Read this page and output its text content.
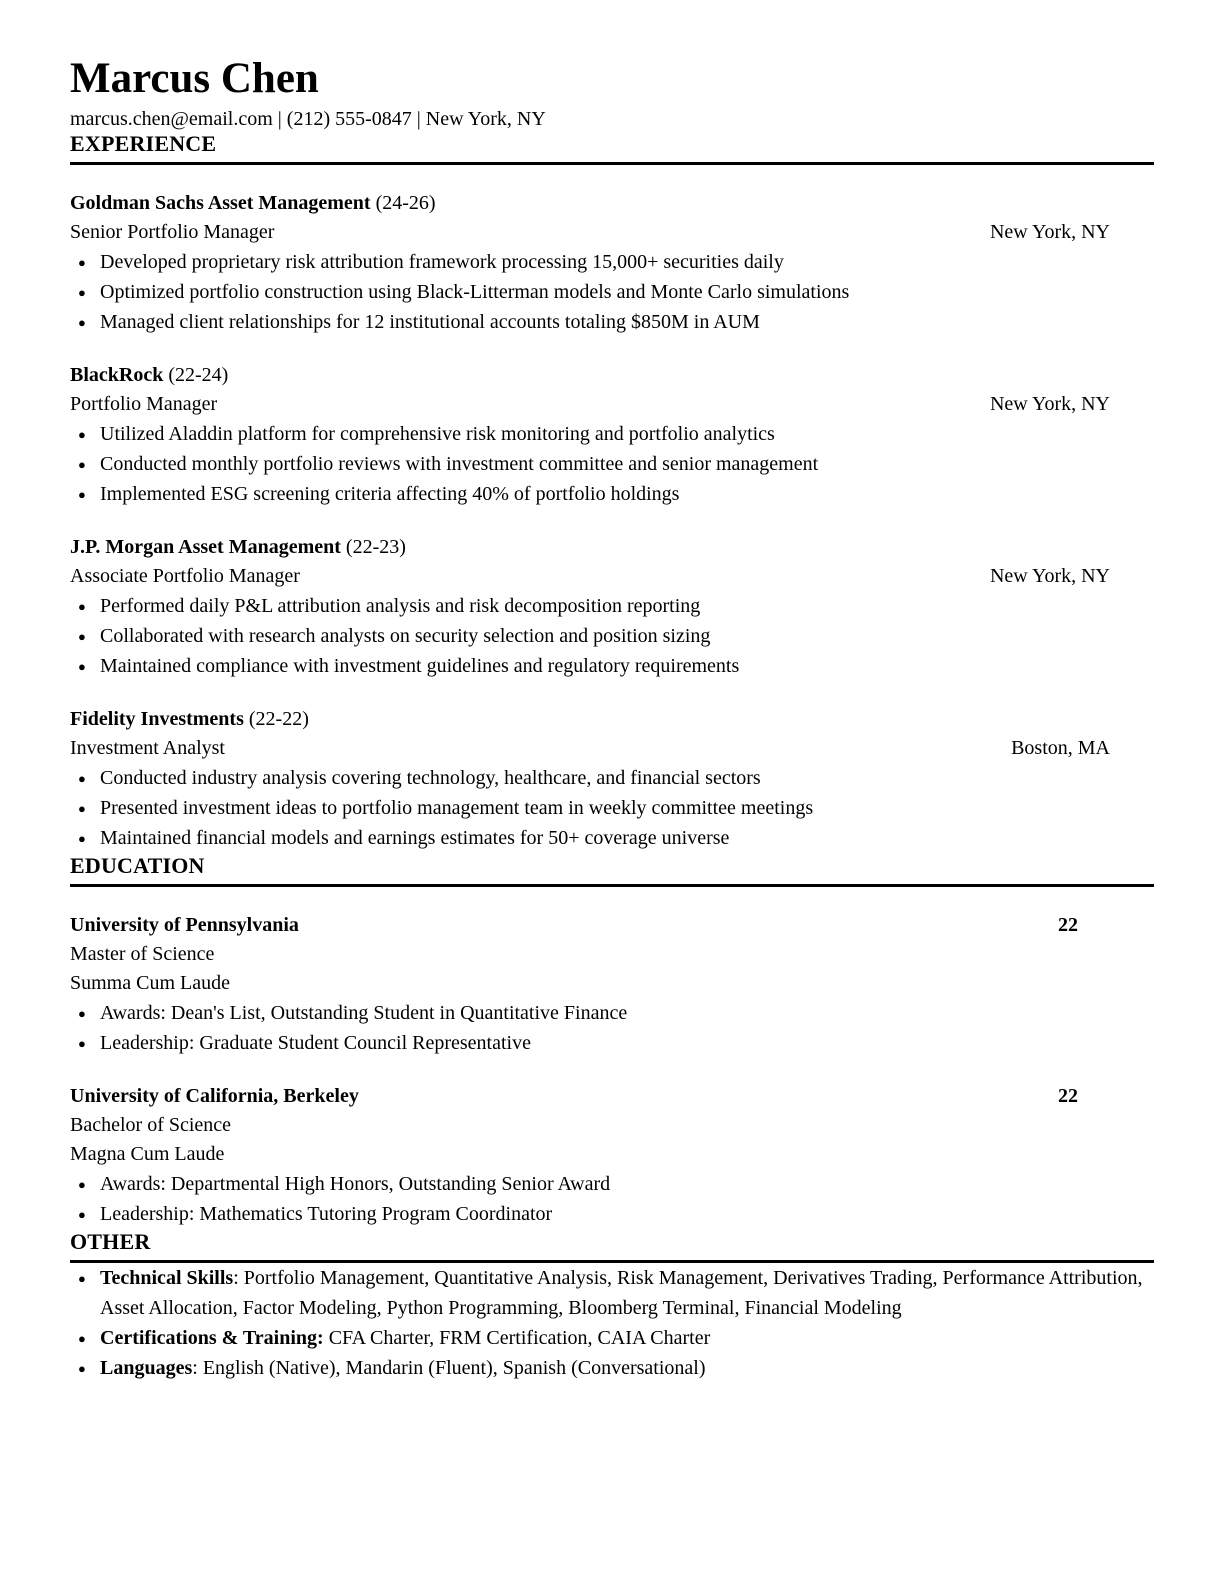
Marcus Chen

marcus.chen@email.com | (212) 555-0847 | New York, NY

EXPERIENCE
Goldman Sachs Asset Management (24-26)
Senior Portfolio Manager	New York, NY
● Developed proprietary risk attribution framework processing 15,000+ securities daily
● Optimized portfolio construction using Black-Litterman models and Monte Carlo simulations
● Managed client relationships for 12 institutional accounts totaling $850M in AUM
BlackRock (22-24)
Portfolio Manager	New York, NY
● Utilized Aladdin platform for comprehensive risk monitoring and portfolio analytics
● Conducted monthly portfolio reviews with investment committee and senior management
● Implemented ESG screening criteria affecting 40% of portfolio holdings
J.P. Morgan Asset Management (22-23)
Associate Portfolio Manager	New York, NY
● Performed daily P&L attribution analysis and risk decomposition reporting
● Collaborated with research analysts on security selection and position sizing
● Maintained compliance with investment guidelines and regulatory requirements
Fidelity Investments (22-22)
Investment Analyst	Boston, MA
● Conducted industry analysis covering technology, healthcare, and financial sectors
● Presented investment ideas to portfolio management team in weekly committee meetings
● Maintained financial models and earnings estimates for 50+ coverage universe
EDUCATION
University of Pennsylvania	22
Master of Science
Summa Cum Laude
● Awards: Dean's List, Outstanding Student in Quantitative Finance
● Leadership: Graduate Student Council Representative
University of California, Berkeley	22
Bachelor of Science
Magna Cum Laude
● Awards: Departmental High Honors, Outstanding Senior Award
● Leadership: Mathematics Tutoring Program Coordinator
OTHER
● Technical Skills: Portfolio Management, Quantitative Analysis, Risk Management, Derivatives Trading, Performance Attribution, Asset Allocation, Factor Modeling, Python Programming, Bloomberg Terminal, Financial Modeling
● Certifications & Training: CFA Charter, FRM Certification, CAIA Charter
● Languages: English (Native), Mandarin (Fluent), Spanish (Conversational)
